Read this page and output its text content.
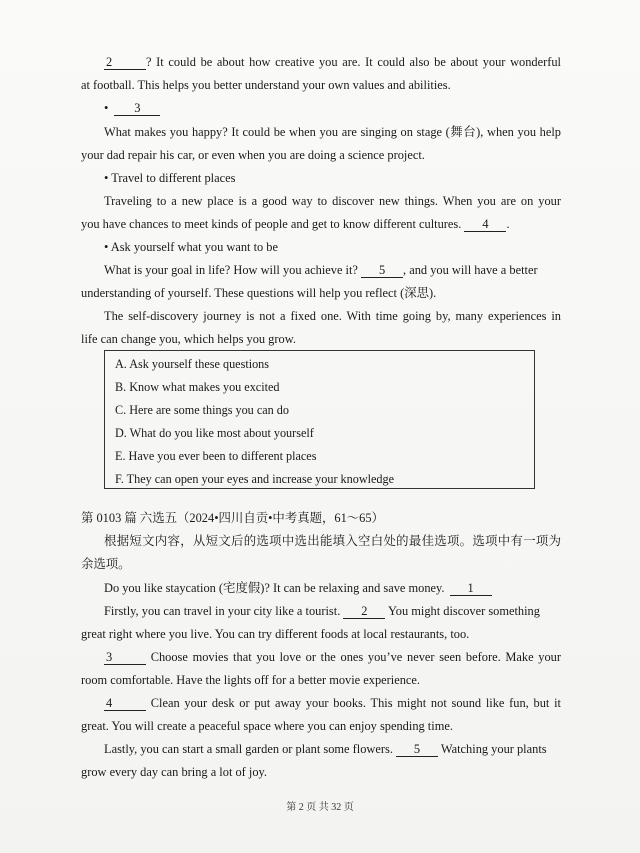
2	? It could be about how creative you are. It could also be about your wonderful
at football. This helps you better understand your own values and abilities.
• 3
What makes you happy? It could be when you are singing on stage (舞台), when you help
your dad repair his car, or even when you are doing a science project.
• Travel to different places
Traveling to a new place is a good way to discover new things. When you are on your
you have chances to meet kinds of people and get to know different cultures. 4 .
• Ask yourself what you want to be
What is your goal in life? How will you achieve it? 5 , and you will have a better
understanding of yourself. These questions will help you reflect (深思).
The self-discovery journey is not a fixed one. With time going by, many experiences in
life can change you, which helps you grow.
A. Ask yourself these questions
B. Know what makes you excited
C. Here are some things you can do
D. What do you like most about yourself
E. Have you ever been to different places
F. They can open your eyes and increase your knowledge
第 0103 篇 六选五（2024•四川自贡•中考真题，61～65）
根据短文内容，从短文后的选项中选出能填入空白处的最佳选项。选项中有一项为
余选项。
Do you like staycation (宅度假)? It can be relaxing and save money. 1
Firstly, you can travel in your city like a tourist. 2 You might discover something
great right where you live. You can try different foods at local restaurants, too.
3	Choose movies that you love or the ones you’ve never seen before. Make your
room comfortable. Have the lights off for a better movie experience.
4	Clean your desk or put away your books. This might not sound like fun, but it
great. You will create a peaceful space where you can enjoy spending time.
Lastly, you can start a small garden or plant some flowers. 5 Watching your plants
grow every day can bring a lot of joy.
第 2 页 共 32 页
